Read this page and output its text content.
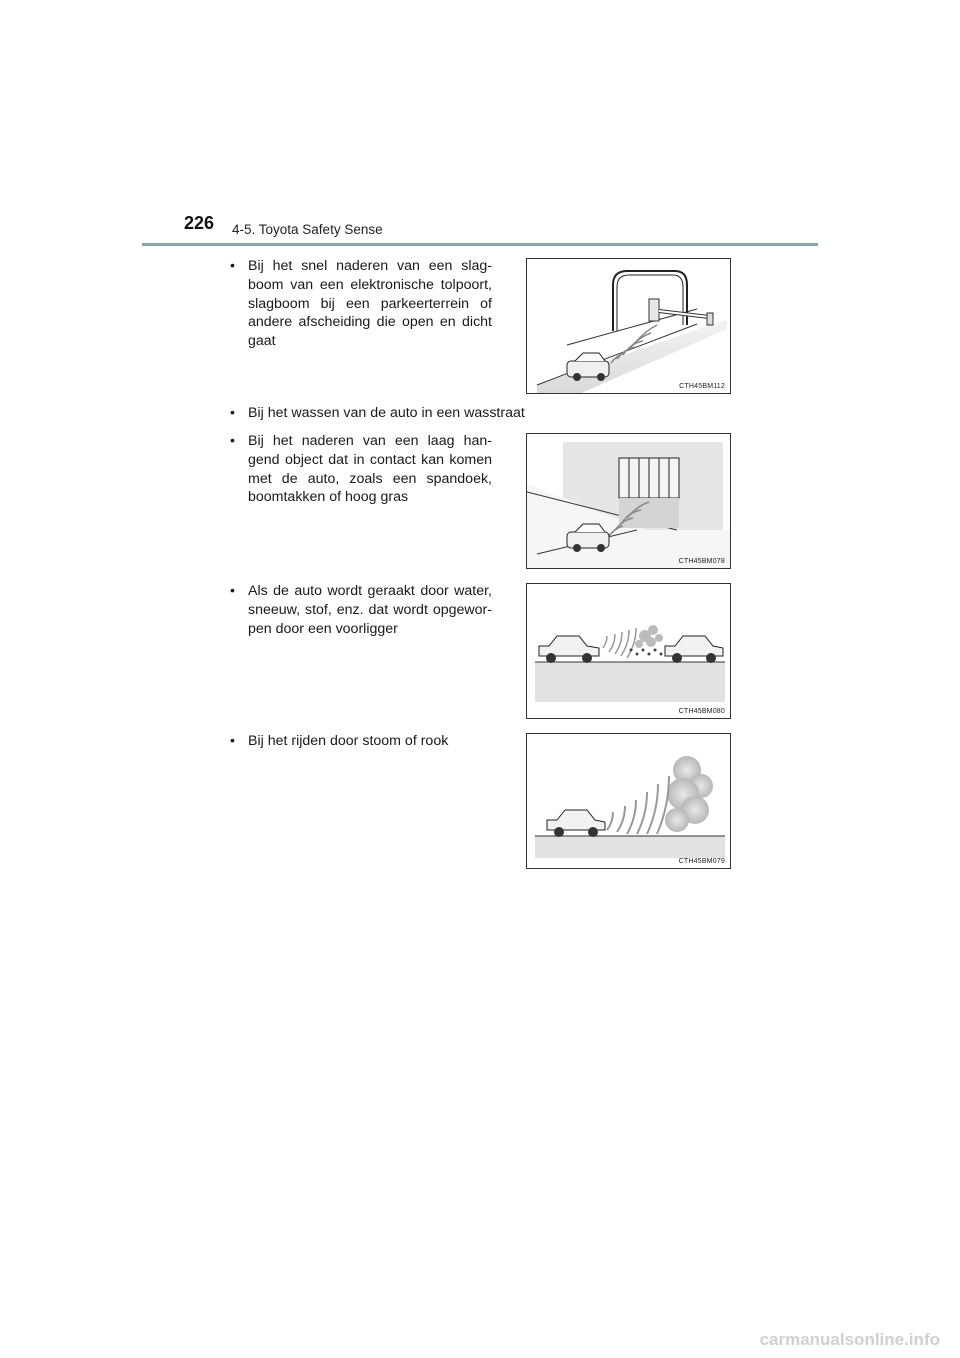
226 4-5. Toyota Safety Sense
• Bij het snel naderen van een slag-boom van een elektronische tolpoort, slagboom bij een parkeerterrein of andere afscheiding die open en dicht gaat
CTH45BM112
• Bij het wassen van de auto in een wasstraat
• Bij het naderen van een laag han-gend object dat in contact kan komen met de auto, zoals een spandoek, boomtakken of hoog gras
CTH45BM078
• Als de auto wordt geraakt door water, sneeuw, stof, enz. dat wordt opgewor-pen door een voorligger
CTH45BM080
• Bij het rijden door stoom of rook
CTH45BM079
carmanualsonline.info
